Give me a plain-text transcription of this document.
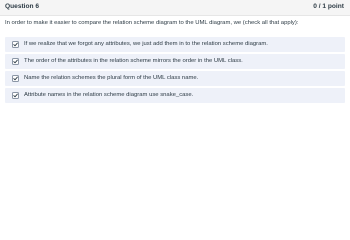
Question 6	0 / 1 point
In order to make it easier to compare the relation scheme diagram to the UML diagram, we (check all that apply):
If we realize that we forgot any attributes, we just add them in to the relation scheme diagram.
The order of the attributes in the relation scheme mirrors the order in the UML class.
Name the relation schemes the plural form of the UML class name.
Attribute names in the relation scheme diagram use snake_case.
